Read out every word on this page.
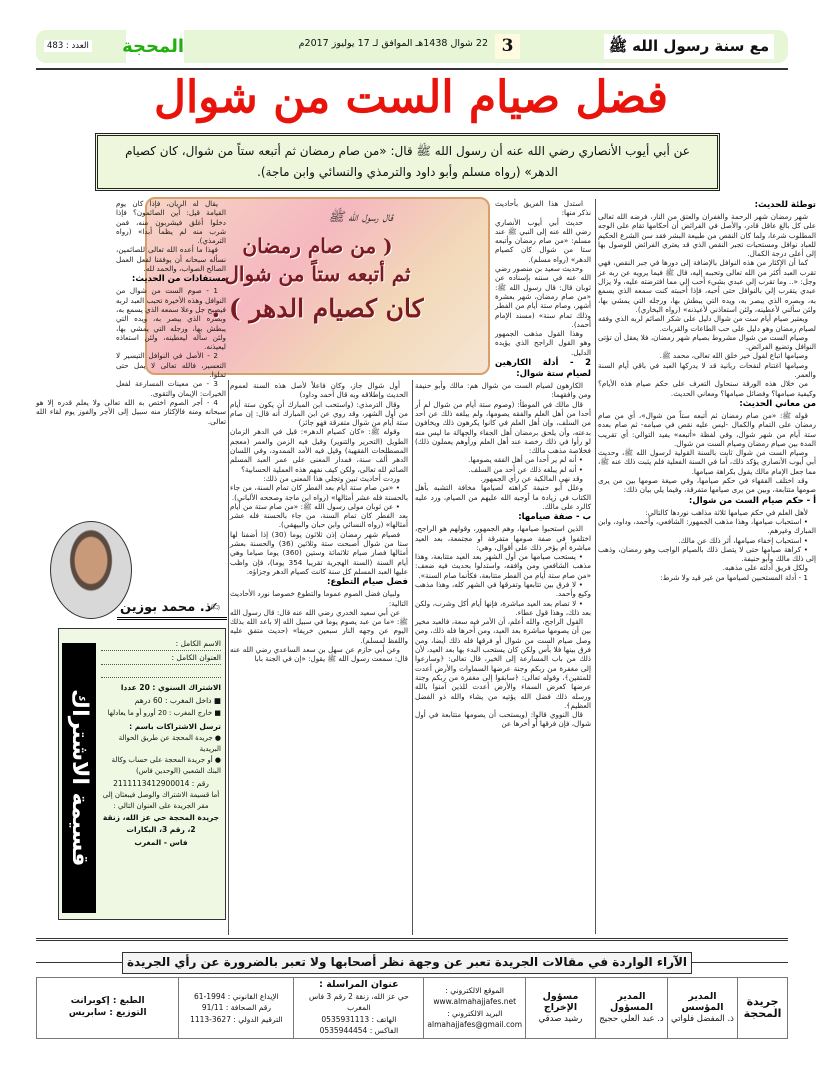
مع سنة رسول الله ﷺ
3
22 شوال 1438هـ الموافق لـ 17 يوليوز 2017م
المحجة
العدد : 483
فضل صيام الست من شوال
عن أبي أيوب الأنصاري رضي الله عنه أن رسول الله ﷺ قال: «من صام رمضان ثم أتبعه ستاً من شوال، كان كصيام الدهر» (رواه مسلم وأبو داود والترمذي والنسائي وابن ماجة).
قال رسول الله ﷺ
( من صام رمضان
ثم أتبعه ستاً من شوال
كان كصيام الدهر ) .
توطئة للحديث:

شهر رمضان شهر الرحمة والغفران والعتق من النار، فرضه الله تعالى على كل بالغ عاقل قادر، والأصل في الفرائض أن أحكامها تقام على الوجه المطلوب شرعا، ولما كان النقص من طبيعة البشر فقد سن الشرع الحكيم للعباد نوافل ومستحبات تجبر النقص الذي قد يعتري الفرائض للوصول بها إلى أعلى درجة الكمال.

كما أن الإكثار من هذه النوافل بالإضافة إلى دورها في جبر النقص، فهي تقرب العبد أكثر من الله تعالى وتحببه إليه، قال ﷺ فيما يرويه عن ربه عز وجل: «.. وما تقرب إلي عبدي بشيء أحب إلي مما افترضته عليه، ولا يزال عبدي يتقرب إلي بالنوافل حتى أحبه، فإذا أحببته كنت سمعه الذي يسمع به، وبصره الذي يبصر به، ويده التي يبطش بها، ورجله التي يمشي بها، ولئن سألني لأعطينه، ولئن استعاذني لأعيذنه» (رواه البخاري).

ويعتبر صيام أيام ست من شوال دليل على شكر الصائم لربه الذي وفقه لصيام رمضان وهو دليل على حب الطاعات والقربات.

وصيام الست من شوال مشروط بصيام شهر رمضان، فلا يعقل أن تؤتى النوافل وتضيع الفرائض.

وصيامها اتباع لقول خير خلق الله تعالى، محمد ﷺ.

وصيامها اغتنام لنفحات ربانية قد لا يدركها العبد في باقي أيام السنة والعمر.

من خلال هذه الورقة سنحاول التعرف على حكم صيام هذه الأيام؟ وكيفية صيامها؟ وفضائل صيامها؟ ومعاني الحديث.

من معاني الحديث:

قوله ﷺ: «من صام رمضان ثم أتبعه ستاً من شوال»، أي من صام رمضان على التمام والكمال -ليس عليه نقص في صيامه- ثم صام بعده ستة أيام من شهر شوال، وفي لفظة «أتبعه» يفيد التوالي: أي تقريب المدة بين صيام رمضان وصيام الست من شوال.

وصيام الست من شوال ثابت بالسنة القولية لرسول الله ﷺ، وحديث أبي أيوب الأنصاري يؤكد ذلك، أما في السنة الفعلية فلم يثبت ذلك عنه ﷺ، مما جعل الإمام مالك يقول بكراهة صيامها.

وقد اختلف الفقهاء في حكم صيامها، وفي صيغة صومها بين من يرى صومها متتابعة، وبين من يرى صيامها متفرقة، وفيما يلي بيان ذلك:

أ - حكم صيام الست من شوال:

لأهل العلم في حكم صيامها ثلاثة مذاهب نوردها كالتالي:

• استحباب صيامها، وهذا مذهب الجمهور: الشافعي، وأحمد، وداود، وابن المبارك وغيرهم.

• استحباب إخفاء صيامها، أثر ذلك عن مالك.

• كراهة صيامها حتى لا يتصل ذلك بالصيام الواجب وهو رمضان، وذهب إلى ذلك مالك وأبو حنيفة.

ولكل فريق أدلته على مذهبه.

1 - أدلة المستحبين لصيامها من غير قيد ولا شرط:

استدل هذا الفريق بأحاديث نذكر منها:

حديث أبي أيوب الأنصاري رضي الله عنه إلى النبي ﷺ عند مسلم: «من صام رمضان وأتبعه ستا من شوال كان كصيام الدهر» (رواه مسلم).

وحديث سعيد بن منصور رضي الله عنه في سننه بإسناده عن ثوبان قال: قال رسول الله ﷺ: «من صام رمضان، شهر بعشرة أشهر، وصام ستة أيام من الفطر وذلك تمام سنة» (مسند الإمام أحمد).

وهذا القول مذهب الجمهور وهو القول الراجح الذي يؤيده الدليل.

2 - أدلة الكارهين لصيام ستة شوال:

الكارهون لصيام الست من شوال هم: مالك وأبو حنيفة ومن وافقهما:

قال مالك في الموطأ: (وصوم ستة أيام من شوال لم أر أحدا من أهل العلم والفقه يصومها، ولم يبلغه ذلك عن أحد من السلف، وإن أهل العلم في كانوا يكرهون ذلك ويخافون بدعته، وأن يلحق برمضان أهل الجفاء والجهالة ما ليس منه لو رأوا في ذلك رخصة عند أهل العلم ورأوهم يعملون ذلك) فخلاصة مذهب مالك:

• أنه لم ير أحدا من أهل الفقه يصومها.

• أنه لم يبلغه ذلك عن أحد من السلف.

وقد نهى المالكية عن رأي الجمهور.

وعلل أبو حنيفة كراهته لصيامها مخافة التشبه بأهل الكتاب في زيادة ما أوجبه الله عليهم من الصيام، ورد عليه كالرد على مالك.

ب - صفة صيامها:

الذين استحبوا صيامها، وهم الجمهور، وقولهم هو الراجح، اختلفوا في صفة صومها متفرقة أو مجتمعة، بعد العيد مباشرة أم يؤخر ذلك على أقوال، وهي:

• يستحب صيامها من أول الشهر بعد العيد متتابعة، وهذا مذهب الشافعي ومن وافقه، واستدلوا بحديث فيه ضعف: «من صام ستة أيام من الفطر متتابعة، فكأنما صام السنة».

• لا فرق بين تتابعها وتفرقها في الشهر كله، وهذا مذهب وكيع وأحمد.

• لا تصام بعد العيد مباشرة، فإنها أيام أكل وشرب، ولكن بعد ذلك، وهذا قول عطاء.

القول الراجح، والله أعلم، أن الأمر فيه سعة، فالعبد مخير بين أن يصومها مباشرة بعد العيد، ومن أخرها فله ذلك، ومن وصل صيام الست من شوال أو فرقها فله ذلك أيضا، ومن فرق بينها فلا بأس ولكن كان يستحب البدء بها بعد العيد، لأن ذلك من باب المسارعة إلى الخير، قال تعالى: ﴿وسارعوا إلى مغفرة من ربكم وجنة عرضها السماوات والأرض أعدت للمتقين﴾، وقوله تعالى: ﴿سابقوا إلى مغفرة من ربكم وجنة عرضها كعرض السماء والأرض أعدت للذين آمنوا بالله ورسله ذلك فضل الله يؤتيه من يشاء والله ذو الفضل العظيم﴾.

قال النووي قالوا: (ويستحب أن يصومها متتابعة في أول شوال، فإن فرقها أو أخرها عن

أول شوال جاز، وكان فاعلاً لأصل هذه السنة لعموم الحديث وإطلاقه وبه قال أحمد وداود)

وقال الترمذي: (واستحب ابن المبارك أن يكون ستة أيام من أول الشهر، وقد روي عن ابن المبارك أنه قال: إن صام ستة أيام من شوال متفرقة فهو جائز)

وقوله ﷺ: «كان كصيام الدهر»: قيل في الدهر الزمان الطويل (التحرير والتنوير) وقيل فيه الزمن والعمر (معجم المصطلحات الفقهية) وقيل فيه الأمد الممدود، وفي اللسان الدهر ألف سنة، فمدار المعنى على عمر العبد المسلم الصائم لله تعالى، ولكن كيف نفهم هذه العملية الحسابية؟

وردت أحاديث تبين وتجلي هذا المعنى من ذلك:

• «من صام ستة أيام بعد الفطر كان تمام السنة، من جاء بالحسنة فله عشر أمثالها» (رواه ابن ماجة وصححه الألباني).

• عن ثوبان مولى رسول الله ﷺ: «من صام ستة من أيام بعد الفطر كان تمام السنة، من جاء بالحسنة فله عشر أمثالها» (رواه النسائي وابن حبان والبيهقي).

فصيام شهر رمضان إذن ثلاثون يوما (30) إذا أضفنا لها ستا من شوال أصبحت ستة وثلاثين (36) والحسنة بعشر أمثالها فصار صيام ثلاثمائة وستين (360) يوما صياما وهي أيام السنة (السنة الهجرية تقريبا 354 يوما)، فإن واظب عليها العبد المسلم كل سنة كانت كصيام الدهر وجزاؤه.

فضل صيام التطوع:

ولبيان فضل الصوم عموما والتطوع خصوصا نورد الأحاديث التالية:

عن أبي سعيد الخدري رضي الله عنه قال: قال رسول الله ﷺ: «ما من عبد يصوم يوما في سبيل الله إلا باعد الله بذلك اليوم عن وجهه النار سبعين خريفا» (حديث متفق عليه واللفظ لمسلم).

وعن أبي حازم عن سهل بن سعد الساعدي رضي الله عنه قال: سمعت رسول الله ﷺ يقول: «إن في الجنة بابا

يقال له الريان، فإذا كان يوم القيامة قيل: أين الصائمون؟ فإذا دخلوا أغلق فيشربون منه، فمن شرب منه لم يظمأ أبدا» (رواه الترمذي).

فهذا ما أعده الله تعالى للصائمين، نسأله سبحانه أن يوفقنا لفعل العمل الصالح الصواب، والحمد لله.

مستفادات من الحديث:

1 - صوم الست من شوال من النوافل وهذه الأخيرة تحبب العبد لربه فيصبح جل وعلا سمعه الذي يسمع به، وبصره الذي يبصر به، ويده التي يبطش بها، ورجله التي يمشي بها، ولئن سأله ليعطينه، ولئن استعاذه ليعيذنه.

2 - الأصل في النوافل التيسير لا التعسير، فالله تعالى لا يمل حتى تملوا.

3 - من معينات المسارعة لفعل الخيرات: الإيمان والتقوى.

4 - أجر الصوم اختص به الله تعالى ولا يعلم قدره إلا هو سبحانه ومنه فالإكثار منه سبيل إلى الأجر والفوز يوم لقاء الله تعالى.

ذ. محمد بوزين
✍
قسيمة الاشتراك
الاسم الكامل :
العنوان الكامل :
الاشتراك السنوي : 20 عددا
■ داخل المغرب : 60 درهم
■ خارج المغرب : 20 أورو أو ما يعادلها
ترسل الاشتراكات باسم :
● جريدة المحجة عن طريق الحوالة البريدية
● أو جريدة المحجة على حساب وكالة البنك الشعبي (الوحدين فاس)
رقم : 2111113412900014
أما قسيمة الاشتراك والوصل فيبعثان إلى مقر الجريدة على العنوان التالي :
جريدة المحجة حي عز الله، زنقة 2، رقم 3، البكارات
فاس - المغرب
الآراء الواردة في مقالات الجريدة تعبر عن وجهة نظر أصحابها ولا تعبر بالضرورة عن رأي الجريدة
جريدة المحجة	
المدير المؤسس
ذ. المفضل فلواتي

المدير المسؤول
د. عبد العلي حجيج

مسؤول الإخراج
رشيد صدقي

الموقع الالكتروني :
www.almahajjafes.net
البريد الالكتروني :
almahajjafes@gmail.com

عنوان المراسلة :
حي عز الله، زنقة 2 رقم 3 فاس المغرب
الهاتف : 0535931113
الفاكس : 0535944454

الإيداع القانوني : 1994-61
رقم الصحافة : 91/11
الترقيم الدولي : 3627-1113

الطبع : إكوبرانت
التوزيع : سابريس
